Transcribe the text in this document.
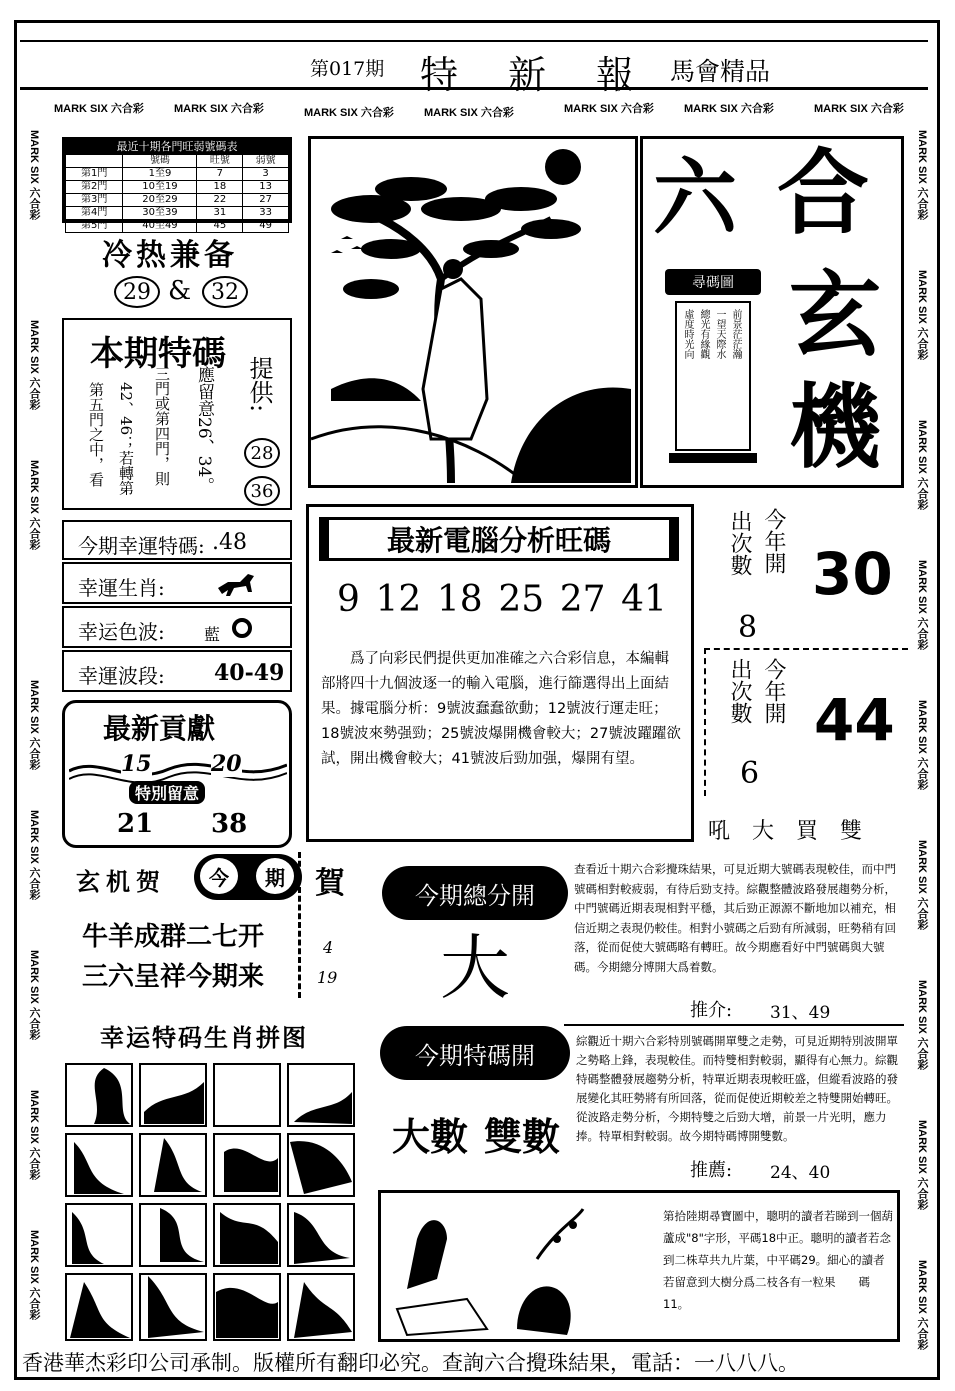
第017期 特　新　報 馬會精品
MARK SIX 六合彩	MARK SIX 六合彩	MARK SIX 六合彩	MARK SIX 六合彩	MARK SIX 六合彩	MARK SIX 六合彩	MARK SIX 六合彩
MARK SIX 六合彩
MARK SIX 六合彩
MARK SIX 六合彩
MARK SIX 六合彩
MARK SIX 六合彩
MARK SIX 六合彩
MARK SIX 六合彩
MARK SIX 六合彩
MARK SIX 六合彩
MARK SIX 六合彩
MARK SIX 六合彩
MARK SIX 六合彩
MARK SIX 六合彩
MARK SIX 六合彩
MARK SIX 六合彩
MARK SIX 六合彩
MARK SIX 六合彩
最近十期各門旺弱號碼表
	號碼	旺號	弱號
第1門	1至9	7	3
第2門	10至19	18	13
第3門	20至29	22	27
第4門	30至39	31	33
第5門	40至49	45	49
冷热兼备
29 & 32
本期特碼
第五門之中，看 42、46；若轉第 三門或第四門，則 應留意26、34。 提供:
28
36
今期幸運特碼: .48
幸運生肖:
幸运色波: 藍
幸運波段: 40-49
最新貢獻
15	20
特別留意
21 38
玄机贺	今	期
牛羊成群二七开
三六呈祥今期来
賀
4
19
幸运特码生肖拼图
六 合
玄
機
尋碼圖
前景茫茫瀚
一望天際水
總光有緣觀
虛度時光向
最新電腦分析旺碼
9 12 18 25 27 41
　　爲了向彩民們提供更加准確之六合彩信息，本編輯部將四十九個波逐一的輸入電腦，進行篩選得出上面結果。據電腦分析：9號波蠢蠢欲動；12號波行運走旺；18號波來勢强勁；25號波爆開機會較大；27號波躍躍欲試，開出機會較大；41號波后勁加强，爆開有望。
今年開
出次數
8
30
今年開
出次數
6
44
今期總分開
大
今期特碼開
大數 雙數
吼　大　買　雙
查看近十期六合彩攪珠結果，可見近期大號碼表現較佳，而中門號碼相對較疲弱，有待后勁支持。綜觀整體波路發展趨勢分析，中門號碼近期表現相對平穩，其后勁正源源不斷地加以補充，相信近期之表現仍較佳。相對小號碼之后勁有所減弱，旺勢稍有回落，從而促使大號碼略有轉旺。故今期應看好中門號碼與大號碼。今期總分博開大爲着數。
推介: 31、49
綜觀近十期六合彩特別號碼開單雙之走勢，可見近期特別波開單之勢略上鋒，表現較佳。而特雙相對較弱，顯得有心無力。綜觀特碼整體發展趨勢分析，特單近期表現較旺盛，但縱看波路的發展變化其旺勢將有所回落，從而促使近期較差之特雙開始轉旺。從波路走勢分析，今期特雙之后勁大增，前景一片光明，應力捧。特單相對較弱。故今期特碼博開雙數。
推薦: 24、40
第拾陸期尋寶圖中，聰明的讀者若睇到一個葫蘆成"8"字形，平碼18中正。聰明的讀者若念到二株草共九片葉，中平碼29。細心的讀者若留意到大樹分爲二枝各有一粒果　　碼11。
香港華杰彩印公司承制。版權所有翻印必究。查詢六合攪珠結果，電話：一八八八。
